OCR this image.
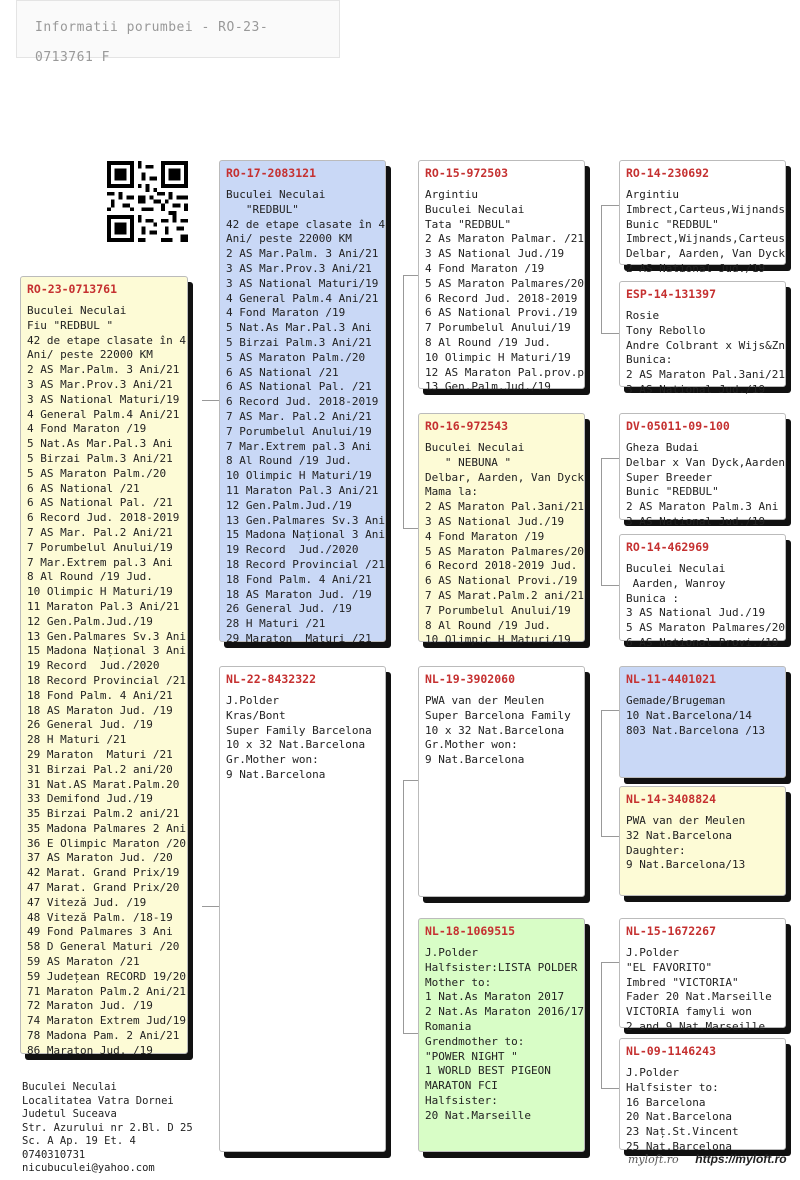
Informatii porumbei - RO-23-0713761 F
RO-23-0713761
Buculei Neculai
Fiu "REDBUL "
42 de etape clasate în 4
Ani/ peste 22000 KM
2 AS Mar.Palm. 3 Ani/21
3 AS Mar.Prov.3 Ani/21
3 AS National Maturi/19
4 General Palm.4 Ani/21
4 Fond Maraton /19
5 Nat.As Mar.Pal.3 Ani
5 Birzai Palm.3 Ani/21
5 AS Maraton Palm./20
6 AS National /21
6 AS National Pal. /21
6 Record Jud. 2018-2019
7 AS Mar. Pal.2 Ani/21
7 Porumbelul Anului/19
7 Mar.Extrem pal.3 Ani
8 Al Round /19 Jud.
10 Olimpic H Maturi/19
11 Maraton Pal.3 Ani/21
12 Gen.Palm.Jud./19
13 Gen.Palmares Sv.3 Ani
15 Madona Național 3 Ani
19 Record  Jud./2020
18 Record Provincial /21
18 Fond Palm. 4 Ani/21
18 AS Maraton Jud. /19
26 General Jud. /19
28 H Maturi /21
29 Maraton  Maturi /21
31 Birzai Pal.2 ani/20
31 Nat.AS Marat.Palm.20
33 Demifond Jud./19
35 Birzai Palm.2 ani/21
35 Madona Palmares 2 Ani
36 E Olimpic Maraton /20
37 AS Maraton Jud. /20
42 Marat. Grand Prix/19
47 Marat. Grand Prix/20
47 Viteză Jud. /19
48 Viteză Palm. /18-19
49 Fond Palmares 3 Ani
58 D General Maturi /20
59 AS Maraton /21
59 Județean RECORD 19/20
71 Maraton Palm.2 Ani/21
72 Maraton Jud. /19
74 Maraton Extrem Jud/19
78 Madona Pam. 2 Ani/21
86 Maraton Jud. /19
RO-17-2083121
Buculei Neculai
"REDBUL"
42 de etape clasate în 4
Ani/ peste 22000 KM
2 AS Mar.Palm. 3 Ani/21
3 AS Mar.Prov.3 Ani/21
3 AS National Maturi/19
4 General Palm.4 Ani/21
4 Fond Maraton /19
5 Nat.As Mar.Pal.3 Ani
5 Birzai Palm.3 Ani/21
5 AS Maraton Palm./20
6 AS National /21
6 AS National Pal. /21
6 Record Jud. 2018-2019
7 AS Mar. Pal.2 Ani/21
7 Porumbelul Anului/19
7 Mar.Extrem pal.3 Ani
8 Al Round /19 Jud.
10 Olimpic H Maturi/19
11 Maraton Pal.3 Ani/21
12 Gen.Palm.Jud./19
13 Gen.Palmares Sv.3 Ani
15 Madona Național 3 Ani
19 Record  Jud./2020
18 Record Provincial /21
18 Fond Palm. 4 Ani/21
18 AS Maraton Jud. /19
26 General Jud. /19
28 H Maturi /21
29 Maraton  Maturi /21
NL-22-8432322
J.Polder
Kras/Bont
Super Family Barcelona
10 x 32 Nat.Barcelona
Gr.Mother won:
9 Nat.Barcelona
RO-15-972503
Argintiu
Buculei Neculai
Tata "REDBUL"
2 As Maraton Palmar. /21
3 AS National Jud./19
4 Fond Maraton /19
5 AS Maraton Palmares/20
6 Record Jud. 2018-2019
6 AS National Provi./19
7 Porumbelul Anului/19
8 Al Round /19 Jud.
10 Olimpic H Maturi/19
12 AS Maraton Pal.prov.p
13 Gen.Palm.Jud./19
RO-16-972543
Buculei Neculai
" NEBUNA "
Delbar, Aarden, Van Dyck
Mama la:
2 AS Maraton Pal.3ani/21
3 AS National Jud./19
4 Fond Maraton /19
5 AS Maraton Palmares/20
6 Record 2018-2019 Jud.
6 AS National Provi./19
7 AS Marat.Palm.2 ani/21
7 Porumbelul Anului/19
8 Al Round /19 Jud.
10 Olimpic H Maturi/19
NL-19-3902060
PWA van der Meulen
Super Barcelona Family
10 x 32 Nat.Barcelona
Gr.Mother won:
9 Nat.Barcelona
NL-18-1069515
J.Polder
Halfsister:LISTA POLDER
Mother to:
1 Nat.As Maraton 2017
2 Nat.As Maraton 2016/17
Romania
Grendmother to:
"POWER NIGHT "
1 WORLD BEST PIGEON
MARATON FCI
Halfsister:
20 Nat.Marseille
RO-14-230692
Argintiu
Imbrect,Carteus,Wijnands
Bunic "REDBUL"
Imbrect,Wijnands,Carteus
Delbar, Aarden, Van Dyck
2 AS National Jud./19
ESP-14-131397
Rosie
Tony Rebollo
Andre Colbrant x Wijs&Zn
Bunica:
2 AS Maraton Pal.3ani/21
3 AS National Jud./19
DV-05011-09-100
Gheza Budai
Delbar x Van Dyck,Aarden
Super Breeder
Bunic "REDBUL"
2 AS Maraton Palm.3 Ani
3 AS National Jud./19
RO-14-462969
Buculei Neculai
Aarden, Wanroy
Bunica :
3 AS National Jud./19
5 AS Maraton Palmares/20
6 AS National Provi./19
NL-11-4401021
Gemade/Brugeman
10 Nat.Barcelona/14
803 Nat.Barcelona /13
NL-14-3408824
PWA van der Meulen
32 Nat.Barcelona
Daughter:
9 Nat.Barcelona/13
NL-15-1672267
J.Polder
"EL FAVORITO"
Imbred "VICTORIA"
Fader 20 Nat.Marseille
VICTORIA famyli won
2 and 9 Nat.Marseille
NL-09-1146243
J.Polder
Halfsister to:
16 Barcelona
20 Nat.Barcelona
23 Naț.St.Vincent
25 Nat.Barcelona
Buculei Neculai
Localitatea Vatra Dornei
Judetul Suceava
Str. Azurului nr 2.Bl. D 25
Sc. A Ap. 19 Et. 4
0740310731
nicubuculei@yahoo.com
myloft.ro https://myloft.ro
